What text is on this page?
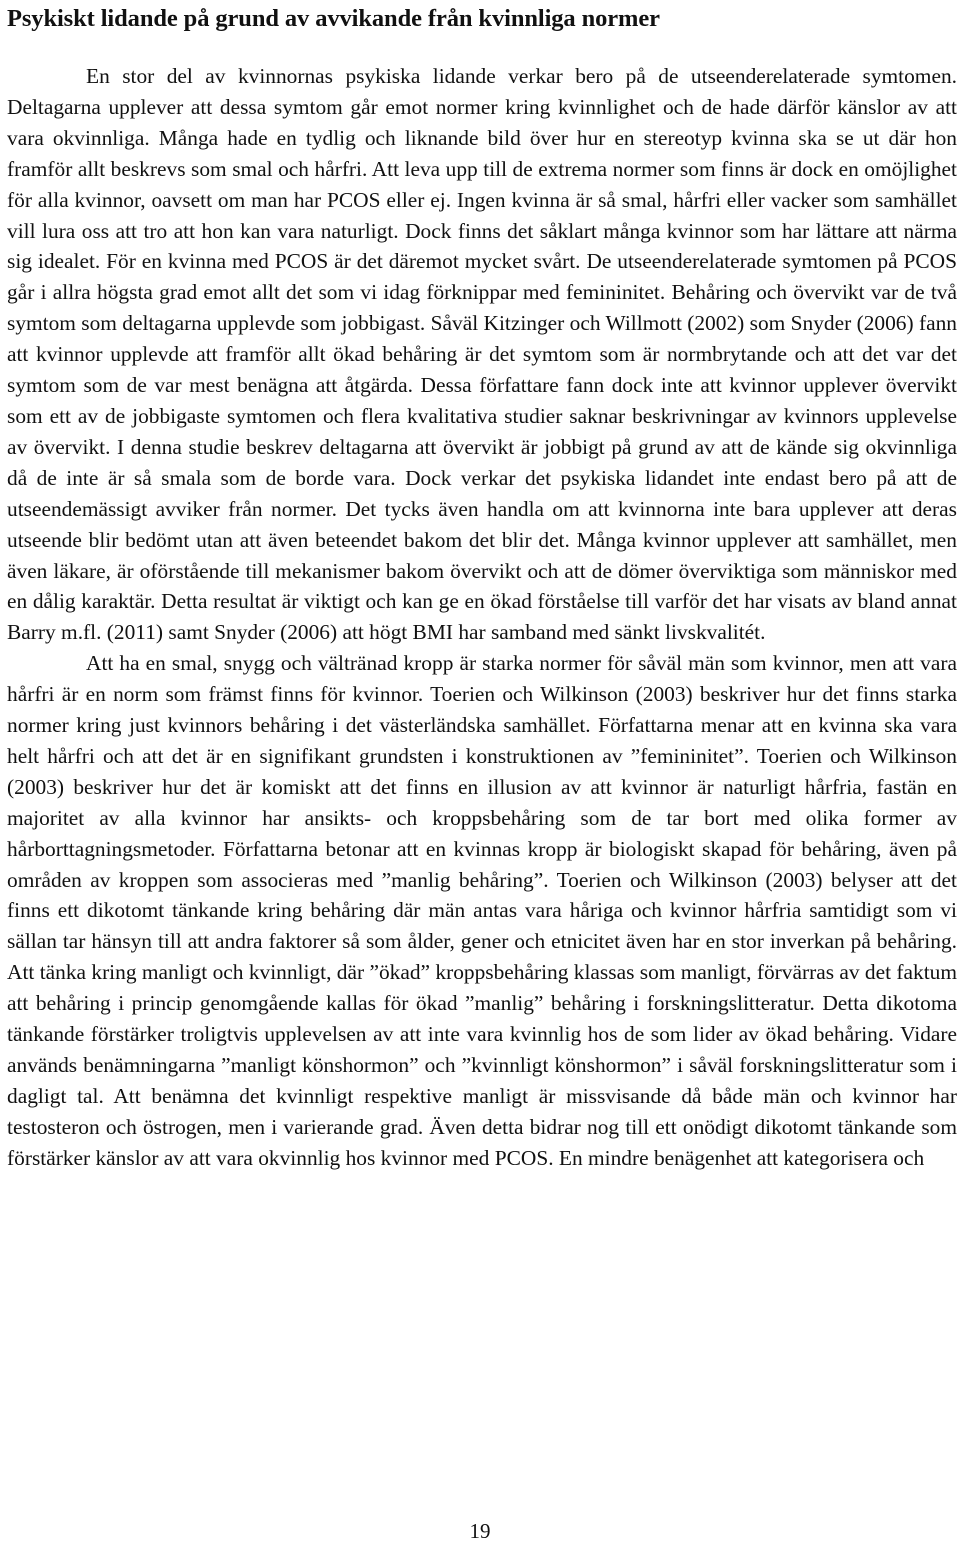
Psykiskt lidande på grund av avvikande från kvinnliga normer

En stor del av kvinnornas psykiska lidande verkar bero på de utseenderelaterade symtomen. Deltagarna upplever att dessa symtom går emot normer kring kvinnlighet och de hade därför känslor av att vara okvinnliga. Många hade en tydlig och liknande bild över hur en stereotyp kvinna ska se ut där hon framför allt beskrevs som smal och hårfri. Att leva upp till de extrema normer som finns är dock en omöjlighet för alla kvinnor, oavsett om man har PCOS eller ej. Ingen kvinna är så smal, hårfri eller vacker som samhället vill lura oss att tro att hon kan vara naturligt. Dock finns det såklart många kvinnor som har lättare att närma sig idealet. För en kvinna med PCOS är det däremot mycket svårt. De utseenderelaterade symtomen på PCOS går i allra högsta grad emot allt det som vi idag förknippar med femininitet. Behåring och övervikt var de två symtom som deltagarna upplevde som jobbigast. Såväl Kitzinger och Willmott (2002) som Snyder (2006) fann att kvinnor upplevde att framför allt ökad behåring är det symtom som är normbrytande och att det var det symtom som de var mest benägna att åtgärda. Dessa författare fann dock inte att kvinnor upplever övervikt som ett av de jobbigaste symtomen och flera kvalitativa studier saknar beskrivningar av kvinnors upplevelse av övervikt. I denna studie beskrev deltagarna att övervikt är jobbigt på grund av att de kände sig okvinnliga då de inte är så smala som de borde vara. Dock verkar det psykiska lidandet inte endast bero på att de utseendemässigt avviker från normer. Det tycks även handla om att kvinnorna inte bara upplever att deras utseende blir bedömt utan att även beteendet bakom det blir det. Många kvinnor upplever att samhället, men även läkare, är oförstående till mekanismer bakom övervikt och att de dömer överviktiga som människor med en dålig karaktär. Detta resultat är viktigt och kan ge en ökad förståelse till varför det har visats av bland annat Barry m.fl. (2011) samt Snyder (2006) att högt BMI har samband med sänkt livskvalitét.

Att ha en smal, snygg och vältränad kropp är starka normer för såväl män som kvinnor, men att vara hårfri är en norm som främst finns för kvinnor. Toerien och Wilkinson (2003) beskriver hur det finns starka normer kring just kvinnors behåring i det västerländska samhället. Författarna menar att en kvinna ska vara helt hårfri och att det är en signifikant grundsten i konstruktionen av ”femininitet”. Toerien och Wilkinson (2003) beskriver hur det är komiskt att det finns en illusion av att kvinnor är naturligt hårfria, fastän en majoritet av alla kvinnor har ansikts- och kroppsbehåring som de tar bort med olika former av hårborttagningsmetoder. Författarna betonar att en kvinnas kropp är biologiskt skapad för behåring, även på områden av kroppen som associeras med ”manlig behåring”. Toerien och Wilkinson (2003) belyser att det finns ett dikotomt tänkande kring behåring där män antas vara håriga och kvinnor hårfria samtidigt som vi sällan tar hänsyn till att andra faktorer så som ålder, gener och etnicitet även har en stor inverkan på behåring. Att tänka kring manligt och kvinnligt, där ”ökad” kroppsbehåring klassas som manligt, förvärras av det faktum att behåring i princip genomgående kallas för ökad ”manlig” behåring i forskningslitteratur. Detta dikotoma tänkande förstärker troligtvis upplevelsen av att inte vara kvinnlig hos de som lider av ökad behåring. Vidare används benämningarna ”manligt könshormon” och ”kvinnligt könshormon” i såväl forskningslitteratur som i dagligt tal. Att benämna det kvinnligt respektive manligt är missvisande då både män och kvinnor har testosteron och östrogen, men i varierande grad. Även detta bidrar nog till ett onödigt dikotomt tänkande som förstärker känslor av att vara okvinnlig hos kvinnor med PCOS. En mindre benägenhet att kategorisera och

19
